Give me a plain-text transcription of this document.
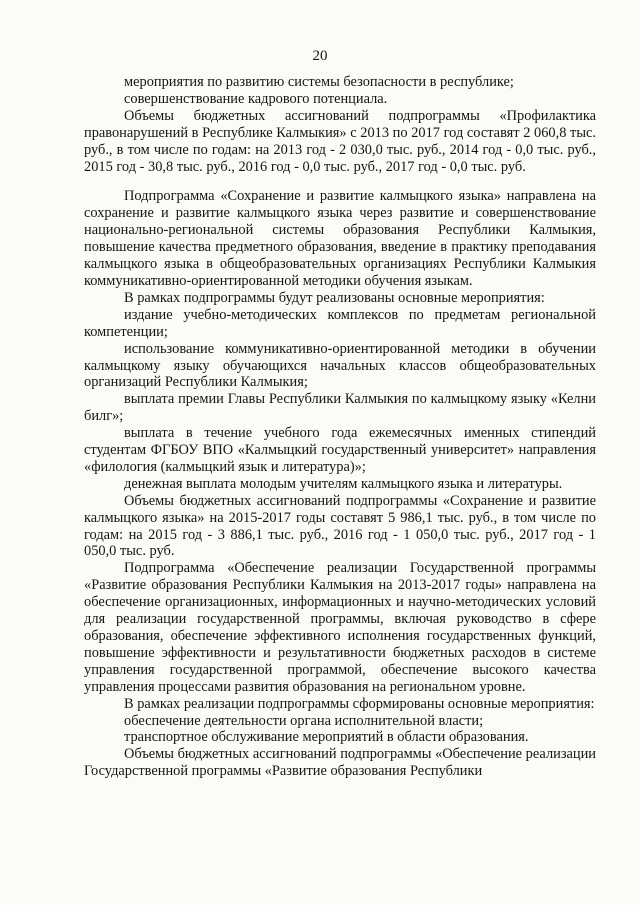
20

мероприятия по развитию системы безопасности в республике;

совершенствование кадрового потенциала.

Объемы бюджетных ассигнований подпрограммы «Профилактика правонарушений в Республике Калмыкия» с 2013 по 2017 год составят 2 060,8 тыс. руб., в том числе по годам: на 2013 год - 2 030,0 тыс. руб., 2014 год - 0,0 тыс. руб., 2015 год - 30,8 тыс. руб., 2016 год - 0,0 тыс. руб., 2017 год - 0,0 тыс. руб.

Подпрограмма «Сохранение и развитие калмыцкого языка» направлена на сохранение и развитие калмыцкого языка через развитие и совершенствование национально-региональной системы образования Республики Калмыкия, повышение качества предметного образования, введение в практику преподавания калмыцкого языка в общеобразовательных организациях Республики Калмыкия коммуникативно-ориентированной методики обучения языкам.

В рамках подпрограммы будут реализованы основные мероприятия:

издание учебно-методических комплексов по предметам региональной компетенции;

использование коммуникативно-ориентированной методики в обучении калмыцкому языку обучающихся начальных классов общеобразовательных организаций Республики Калмыкия;

выплата премии Главы Республики Калмыкия по калмыцкому языку «Келни билг»;

выплата в течение учебного года ежемесячных именных стипендий студентам ФГБОУ ВПО «Калмыцкий государственный университет» направления «филология (калмыцкий язык и литература)»;

денежная выплата молодым учителям калмыцкого языка и литературы.

Объемы бюджетных ассигнований подпрограммы «Сохранение и развитие калмыцкого языка» на 2015-2017 годы составят 5 986,1 тыс. руб., в том числе по годам: на 2015 год - 3 886,1 тыс. руб., 2016 год - 1 050,0 тыс. руб., 2017 год - 1 050,0 тыс. руб.

Подпрограмма «Обеспечение реализации Государственной программы «Развитие образования Республики Калмыкия на 2013-2017 годы» направлена на обеспечение организационных, информационных и научно-методических условий для реализации государственной программы, включая руководство в сфере образования, обеспечение эффективного исполнения государственных функций, повышение эффективности и результативности бюджетных расходов в системе управления государственной программой, обеспечение высокого качества управления процессами развития образования на региональном уровне.

В рамках реализации подпрограммы сформированы основные мероприятия:

обеспечение деятельности органа исполнительной власти;

транспортное обслуживание мероприятий в области образования.

Объемы бюджетных ассигнований подпрограммы «Обеспечение реализации Государственной программы «Развитие образования Республики
